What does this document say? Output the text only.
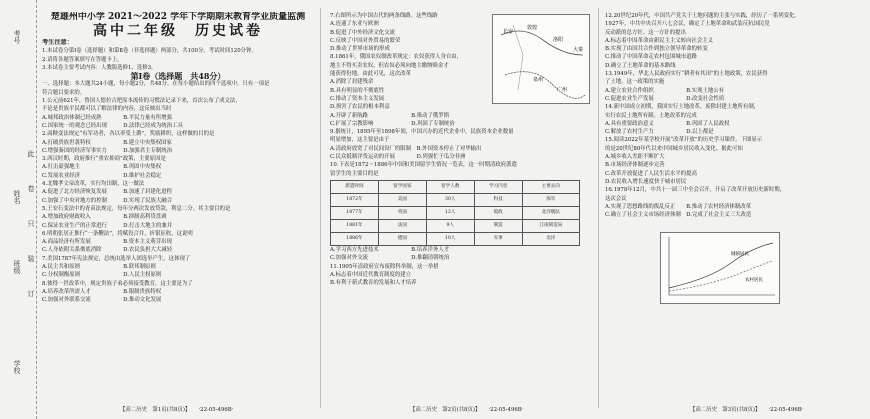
考号
姓名
班级
学校
此
卷
只
装
订

楚雄州中小学 2021～2022 学年下学期期末教育学业质量监测

高中二年级　历史试卷

考生注意：

1.本试卷分第Ⅰ卷（选择题）和第Ⅱ卷（非选择题）两部分，共100分。考试时间120分钟。

2.请将各题答案填写在答题卡上。

3.本试卷主要考试内容：人教版选修1、选修3。

第Ⅰ卷（选择题　共48分）

一、选择题：本大题共24小题，每小题2分，共48分。在每小题给出的四个选项中，只有一项是

符合题目要求的。

1.公元前621年，鲁国人德拉古把原本流传的习惯法记录下来，首次公布了成文法，

不论是贵族平民都可以了解法律的内容，这反映出当时

A.城邦政治体制已经成熟　　　　B.平民力量有所增强

C.国家统一的观念已经出现　　　D.法律已经成为统治工具

2.商鞅变法规定“有军功者，各以率受上爵”，奖励耕织，这样做的目的是

A.打破贵族世袭特权　　　　　　B.建立中央集权国家

C.增强秦国的经济军事实力　　　D.加强君主专制统治

3.西汉时期，政府推行“重农抑商”政策，主要原因是

A.打击豪强地主　　　　　　　　B.巩固中央集权

C.发展农业经济　　　　　　　　D.维护社会稳定

4.北魏孝文帝改革，实行均田制，这一做法

A.促进了北方经济恢复发展　　　B.加速了封建化进程

C.加强了中央对地方的控制　　　D.实现了民族大融合

5.王安石变法中的青苗法规定，每年分两次发放贷款，利息二分。其主要目的是

A.增加政府财政收入　　　　　　B.抑制高利贷盘剥

C.保证农业生产的正常进行　　　D.打击大地主的兼并

6.明朝张居正推行“一条鞭法”，将赋役合并，折银征收，这说明

A.商品经济有所发展　　　　　　B.资本主义萌芽出现

C.人身依附关系彻底消除　　　　D.农民负担大大减轻

7.美国1787年宪法规定，总统由选举人团选举产生，这体现了

A.民主共和原则　　　　　　　　B.联邦制原则

C.分权制衡原则　　　　　　　　D.人民主权原则

8.彼得一世改革中，规定贵族子弟必须接受教育，这主要是为了

A.培养改革所需人才　　　　　　B.限制贵族特权

C.加强对外联系交流　　　　　　D.推动文化发展

【高二历史　第1页(共8页)】　　·22-05-496B·

7.右图所示为中国古代的两条线路。这些线路

A.连通了东亚与欧洲

B.促进了中外经济文化交流

C.反映了中国对外贸易的繁荣

D.推动了世界市场的形成

8.1861年，俄国农奴制改革规定：农奴获得人身自由，

地主不得买卖农奴，但农奴必须向地主缴纳赎金才

能获得份地。由此可见，这次改革

A.消除了封建残余

B.具有明显的不彻底性

C.推动了资本主义发展

D.损害了农民的根本利益

A.开辟了新航路　　　　　　　　B.推动了俄罗斯

C.扩展了宗教影响　　　　　　　D.巩固了专制统治

9.据统计，1895年至1898年间，中国兴办的近代企业中，民族资本企业数量

明显增加，这主要是由于

A.清政府放宽了对民间设厂的限制　B.外国资本停止了对华输出

C.民众抵制洋货运动的开展　　　　D.列强忙于瓜分非洲

10.下表是1872～1886年中国和美国留学生情况一览表，这一时期清政府派遣

留学生的主要目的是

派遣时间	留学国家	留学人数	学习内容	主要去向
1872年	美国	30人	科技	海军
1877年	英国	12人	船政	北洋舰队
1881年	法国	9人	制造	江南制造局
1886年	德国	10人	军事	北洋

A.学习西方先进技术　　　　　　B.培养洋务人才

C.加强对外交流　　　　　　　　D.推翻清朝统治

11.1905年清政府宣布废除科举制，这一举措

A.标志着中国近代教育制度的建立

B.有利于新式教育的发展和人才培养

长安
敦煌
洛阳
泉州
广州
大秦
【高二历史　第2页(共8页)】　　·22-05-496B·

12.20世纪20年代，中国共产党关于土地问题的主张与实践，经历了一系列变化。

1927年，中共中央召开八七会议，确定了土地革命和武装反抗国民党

反动派的总方针。这一方针的提出

A.标志着中国革命由新民主主义转向社会主义

B.实现了由国共合作到独立领导革命的转变

C.推动了中国革命走农村包围城市道路

D.确立了土地革命的基本路线

13.1949年，华北人民政府实行“耕者有其田”的土地政策，农民获得

了土地。这一政策的实施

A.建立农业合作组织　　　　　　B.实现土地公有

C.促进农业生产发展　　　　　　D.改变社会性质

14.新中国成立初期，我国实行土地改革，废除封建土地所有制，

实行农民土地所有制。土地改革的完成

A.具有重要政治意义　　　　　　B.巩固了人民政权

C.解放了农村生产力　　　　　　D.以上都是

15.阅读2022年某学校开展“改革开放”的历史学习课件。下图显示

的是20世纪80年代以来中国城乡居民收入变化。据此可知

A.城乡收入差距不断扩大

B.市场经济体制逐步完善

C.改革开放促进了人民生活水平的提高

D.农民收入增长速度快于城市居民

16.1978年12月，中共十一届三中全会召开，开启了改革开放历史新时期，

这次会议

A.实现了思想路线的拨乱反正　　B.推动了农村经济体制改革

C.确立了社会主义市场经济体制　D.完成了社会主义三大改造

城镇居民
农村居民
【高二历史　第3页(共8页)】　　·22-05-496B·
